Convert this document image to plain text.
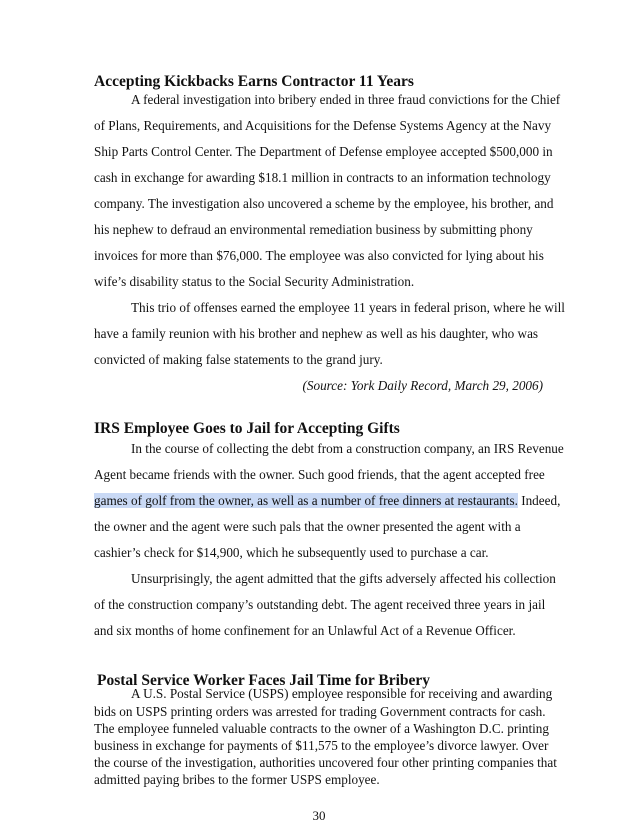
Accepting Kickbacks Earns Contractor 11 Years

A federal investigation into bribery ended in three fraud convictions for the Chief

of Plans, Requirements, and Acquisitions for the Defense Systems Agency at the Navy

Ship Parts Control Center. The Department of Defense employee accepted $500,000 in

cash in exchange for awarding $18.1 million in contracts to an information technology

company. The investigation also uncovered a scheme by the employee, his brother, and

his nephew to defraud an environmental remediation business by submitting phony

invoices for more than $76,000. The employee was also convicted for lying about his

wife’s disability status to the Social Security Administration.

This trio of offenses earned the employee 11 years in federal prison, where he will

have a family reunion with his brother and nephew as well as his daughter, who was

convicted of making false statements to the grand jury.

(Source: York Daily Record, March 29, 2006)

IRS Employee Goes to Jail for Accepting Gifts

In the course of collecting the debt from a construction company, an IRS Revenue

Agent became friends with the owner. Such good friends, that the agent accepted free

games of golf from the owner, as well as a number of free dinners at restaurants. Indeed,

the owner and the agent were such pals that the owner presented the agent with a

cashier’s check for $14,900, which he subsequently used to purchase a car.

Unsurprisingly, the agent admitted that the gifts adversely affected his collection

of the construction company’s outstanding debt. The agent received three years in jail

and six months of home confinement for an Unlawful Act of a Revenue Officer.

Postal Service Worker Faces Jail Time for Bribery

A U.S. Postal Service (USPS) employee responsible for receiving and awarding

bids on USPS printing orders was arrested for trading Government contracts for cash.

The employee funneled valuable contracts to the owner of a Washington D.C. printing

business in exchange for payments of $11,575 to the employee’s divorce lawyer. Over

the course of the investigation, authorities uncovered four other printing companies that

admitted paying bribes to the former USPS employee.

30
